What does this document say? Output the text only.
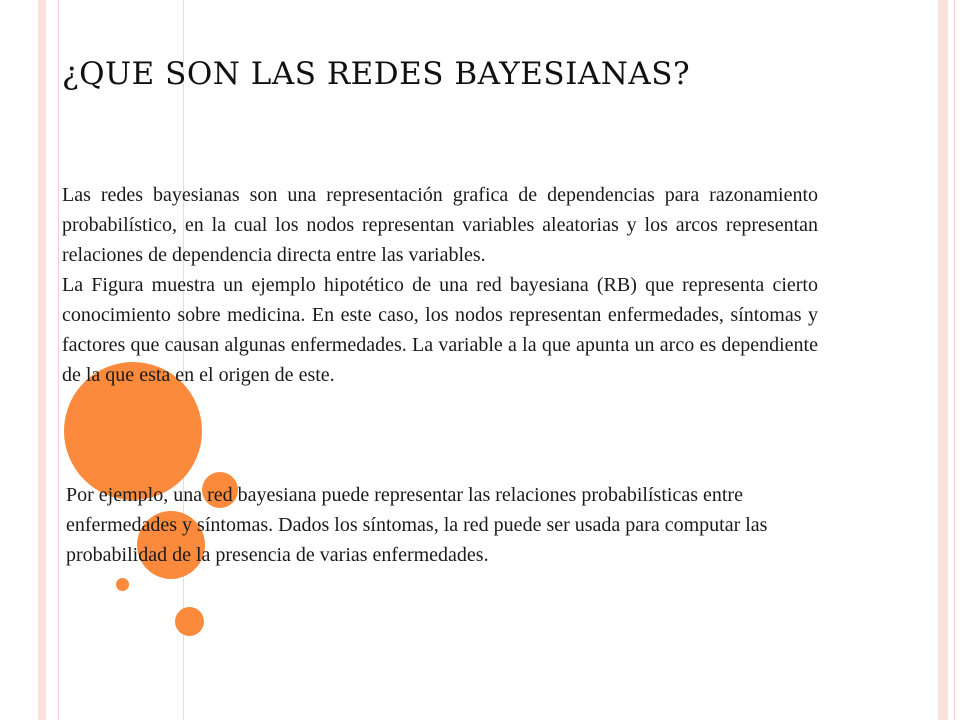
¿QUE SON LAS REDES BAYESIANAS?

Las redes bayesianas son una representación grafica de dependencias para razonamiento probabilístico, en la cual los nodos representan variables aleatorias y los arcos representan relaciones de dependencia directa entre las variables.

La Figura muestra un ejemplo hipotético de una red bayesiana (RB) que representa cierto conocimiento sobre medicina. En este caso, los nodos representan enfermedades, síntomas y factores que causan algunas enfermedades. La variable a la que apunta un arco es dependiente de la que esta en el origen de este.

Por ejemplo, una red bayesiana puede representar las relaciones probabilísticas entre enfermedades y síntomas. Dados los síntomas, la red puede ser usada para computar las probabilidad de la presencia de varias enfermedades.
